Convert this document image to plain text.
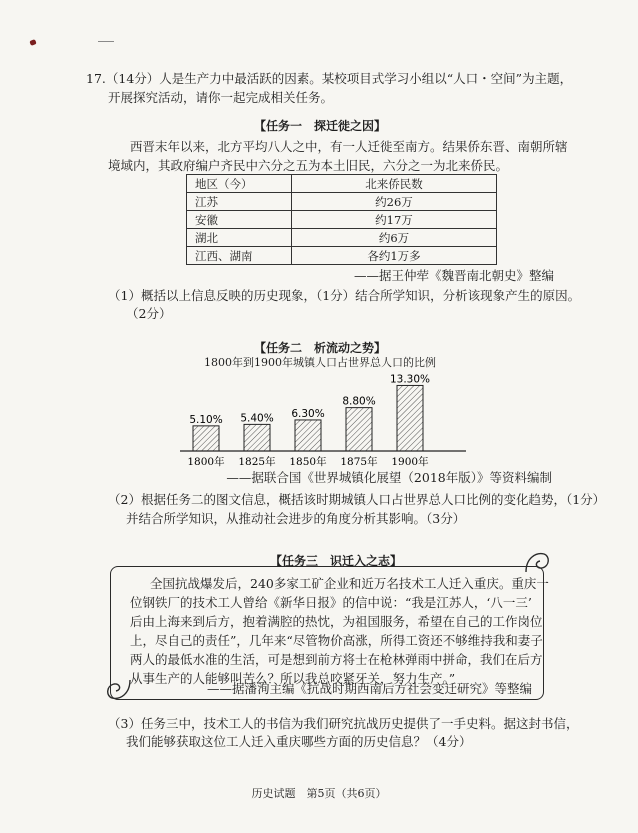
17.（14分）人是生产力中最活跃的因素。某校项目式学习小组以“人口・空间”为主题，
开展探究活动，请你一起完成相关任务。
【任务一　探迁徙之因】
西晋末年以来，北方平均八人之中，有一人迁徙至南方。结果侨东晋、南朝所辖
境域内，其政府编户齐民中六分之五为本土旧民，六分之一为北来侨民。
地区（今）	北来侨民数
江苏	约26万
安徽	约17万
湖北	约6万
江西、湖南	各约1万多
——据王仲荦《魏晋南北朝史》整编
（1）概括以上信息反映的历史现象，（1分）结合所学知识，分析该现象产生的原因。
（2分）
【任务二　析流动之势】
1800年到1900年城镇人口占世界总人口的比例
5.10% 5.40% 6.30%
8.80%
13.30%
1800年 1825年 1850年 1875年 1900年
——据联合国《世界城镇化展望（2018年版）》等资料编制
（2）根据任务二的图文信息，概括该时期城镇人口占世界总人口比例的变化趋势，（1分）
并结合所学知识，从推动社会进步的角度分析其影响。（3分）
【任务三　识迁入之志】
全国抗战爆发后，240多家工矿企业和近万名技术工人迁入重庆。重庆一
位钢铁厂的技术工人曾给《新华日报》的信中说：“我是江苏人，‘八一三’
后由上海来到后方，抱着满腔的热忱，为祖国服务，希望在自己的工作岗位
上，尽自己的责任”，几年来“尽管物价高涨，所得工资还不够维持我和妻子
两人的最低水准的生活，可是想到前方将士在枪林弹雨中拼命，我们在后方
从事生产的人能够叫苦么？所以我总咬紧牙关，努力生产。”
——据潘洵主编《抗战时期西南后方社会变迁研究》等整编
（3）任务三中，技术工人的书信为我们研究抗战历史提供了一手史料。据这封书信，
我们能够获取这位工人迁入重庆哪些方面的历史信息？（4分）
历史试题　第5页（共6页）
